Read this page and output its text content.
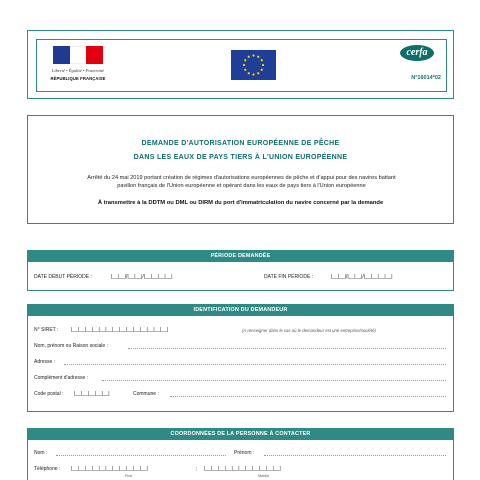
Liberté • Égalité • Fraternité
RÉPUBLIQUE FRANÇAISE
cerfa
N°16014*02
DEMANDE D'AUTORISATION EUROPÉENNE DE PÊCHE
DANS LES EAUX DE PAYS TIERS À L'UNION EUROPÉENNE
Arrêté du 24 mai 2019 portant création de régimes d'autorisations européennes de pêche et d'appui pour des navires battant
pavillon français de l'Union européenne et opérant dans les eaux de pays tiers à l'Union européenne
À transmettre à la DDTM ou DML ou DIRM du port d'immatriculation du navire concerné par la demande
PÉRIODE DEMANDÉE
DATE DÉBUT PÉRIODE :	|__|__|/|__|__|/|__|__|__|__|	DATE FIN PÉRIODE :	|__|__|/|__|__|/|__|__|__|__|
IDENTIFICATION DU DEMANDEUR
N° SIRET :	|__|__|__|__|__|__|__|__|__|__|__|__|__|__|	(A renseigner dans le cas où le demandeur est une entreprise/société)
Nom, prénom ou Raison sociale :
Adresse :
Complément d'adresse :
Code postal : |__|__|__|__|__|	Commune :
COORDONNÉES DE LA PERSONNE À CONTACTER
Nom :	Prénom :
Téléphone : |__|__|__|__|__|__|__|__|__|__|__|	; |__|__|__|__|__|__|__|__|__|__|__|
Fixe	Mobile
